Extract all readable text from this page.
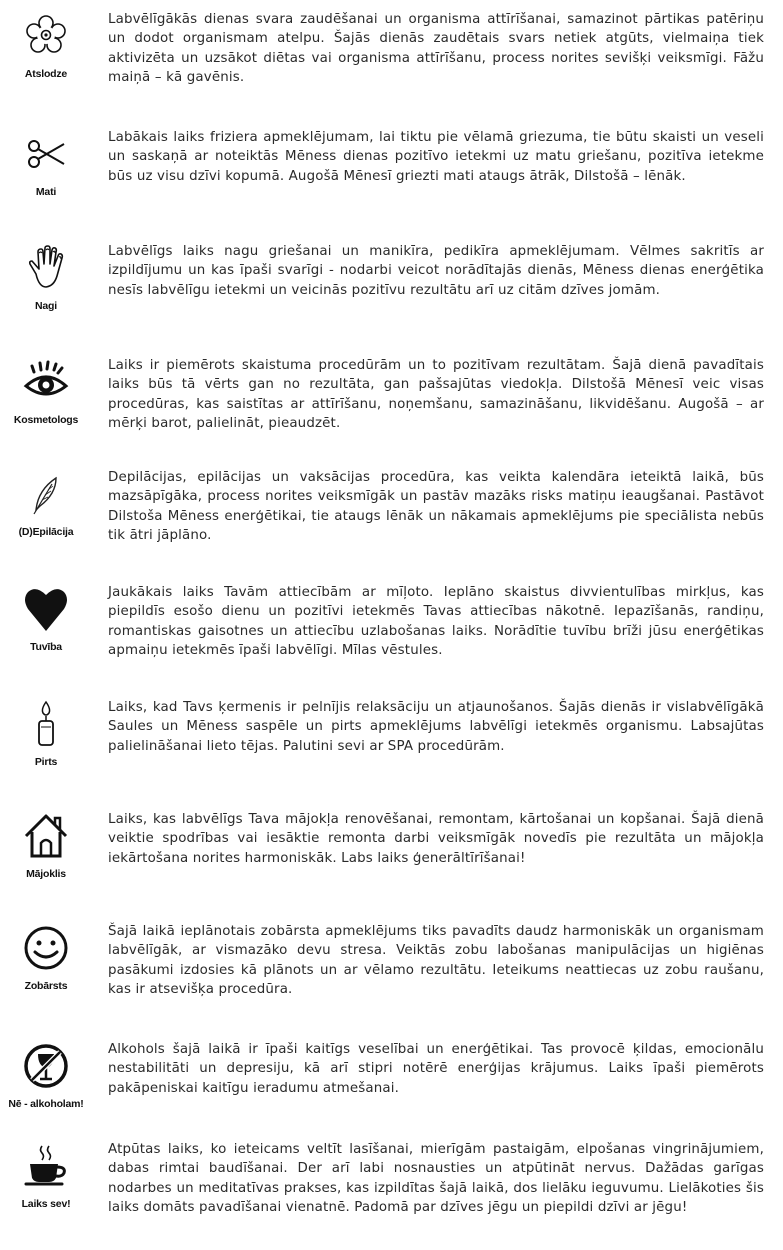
Atslodze
Labvēlīgākās dienas svara zaudēšanai un organisma attīrīšanai, samazinot pārtikas patēriņu un dodot organismam atelpu. Šajās dienās zaudētais svars netiek atgūts, vielmaiņa tiek aktivizēta un uzsākot diētas vai organisma attīrīšanu, process norites sevišķi veiksmīgi. Fāžu maiņā – kā gavēnis.
Mati
Labākais laiks friziera apmeklējumam, lai tiktu pie vēlamā griezuma, tie būtu skaisti un veseli un saskaņā ar noteiktās Mēness dienas pozitīvo ietekmi uz matu griešanu, pozitīva ietekme būs uz visu dzīvi kopumā. Augošā Mēnesī griezti mati ataugs ātrāk, Dilstošā – lēnāk.
Nagi
Labvēlīgs laiks nagu griešanai un manikīra, pedikīra apmeklējumam. Vēlmes sakritīs ar izpildījumu un kas īpaši svarīgi - nodarbi veicot norādītajās dienās, Mēness dienas enerģētika nesīs labvēlīgu ietekmi un veicinās pozitīvu rezultātu arī uz citām dzīves jomām.
Kosmetologs
Laiks ir piemērots skaistuma procedūrām un to pozitīvam rezultātam. Šajā dienā pavadītais laiks būs tā vērts gan no rezultāta, gan pašsajūtas viedokļa. Dilstošā Mēnesī veic visas procedūras, kas saistītas ar attīrīšanu, noņemšanu, samazināšanu, likvidēšanu. Augošā – ar mērķi barot, palielināt, pieaudzēt.
(D)Epilācija
Depilācijas, epilācijas un vaksācijas procedūra, kas veikta kalendāra ieteiktā laikā, būs mazsāpīgāka, process norites veiksmīgāk un pastāv mazāks risks matiņu ieaugšanai. Pastāvot Dilstoša Mēness enerģētikai, tie ataugs lēnāk un nākamais apmeklējums pie speciālista nebūs tik ātri jāplāno.
Tuvība
Jaukākais laiks Tavām attiecībām ar mīļoto. Ieplāno skaistus divvientulības mirkļus, kas piepildīs esošo dienu un pozitīvi ietekmēs Tavas attiecības nākotnē. Iepazīšanās, randiņu, romantiskas gaisotnes un attiecību uzlabošanas laiks. Norādītie tuvību brīži jūsu enerģētikas apmaiņu ietekmēs īpaši labvēlīgi. Mīlas vēstules.
Pirts
Laiks, kad Tavs ķermenis ir pelnījis relaksāciju un atjaunošanos. Šajās dienās ir vislabvēlīgākā Saules un Mēness saspēle un pirts apmeklējums labvēlīgi ietekmēs organismu. Labsajūtas palielināšanai lieto tējas. Palutini sevi ar SPA procedūrām.
Mājoklis
Laiks, kas labvēlīgs Tava mājokļa renovēšanai, remontam, kārtošanai un kopšanai. Šajā dienā veiktie spodrības vai iesāktie remonta darbi veiksmīgāk novedīs pie rezultāta un mājokļa iekārtošana norites harmoniskāk. Labs laiks ģenerāltīrīšanai!
Zobārsts
Šajā laikā ieplānotais zobārsta apmeklējums tiks pavadīts daudz harmoniskāk un organismam labvēlīgāk, ar vismazāko devu stresa. Veiktās zobu labošanas manipulācijas un higiēnas pasākumi izdosies kā plānots un ar vēlamo rezultātu. Ieteikums neattiecas uz zobu raušanu, kas ir atsevišķa procedūra.
Nē - alkoholam!
Alkohols šajā laikā ir īpaši kaitīgs veselībai un enerģētikai. Tas provocē ķildas, emocionālu nestabilitāti un depresiju, kā arī stipri notērē enerģijas krājumus. Laiks īpaši piemērots pakāpeniskai kaitīgu ieradumu atmešanai.
Laiks sev!
Atpūtas laiks, ko ieteicams veltīt lasīšanai, mierīgām pastaigām, elpošanas vingrinājumiem, dabas rimtai baudīšanai. Der arī labi nosnausties un atpūtināt nervus. Dažādas garīgas nodarbes un meditatīvas prakses, kas izpildītas šajā laikā, dos lielāku ieguvumu. Lielākoties šis laiks domāts pavadīšanai vienatnē. Padomā par dzīves jēgu un piepildi dzīvi ar jēgu!
